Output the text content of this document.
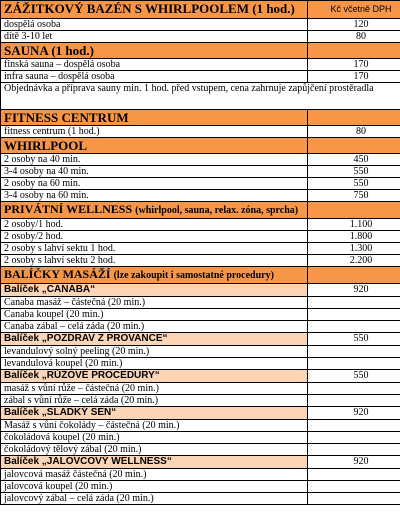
ZÁŽITKOVÝ BAZÉN S WHIRLPOOLEM (1 hod.)	Kč včetně DPH
dospělá osoba	120
dítě 3-10 let	80
SAUNA (1 hod.)	
finská sauna – dospělá osoba	170
infra sauna – dospělá osoba	170
Objednávka a příprava sauny min. 1 hod. před vstupem, cena zahrnuje zapůjčení prostěradla	
FITNESS CENTRUM	
fitness centrum (1 hod.)	80
WHIRLPOOL	
2 osoby na 40 min.	450
3-4 osoby na 40 min.	550
2 osoby na 60 min.	550
3-4 osoby na 60 min.	750
PRIVÁTNÍ WELLNESS (whirlpool, sauna, relax. zóna, sprcha)	
2 osoby/1 hod.	1.100
2 osoby/2 hod.	1.800
2 osoby s lahví sektu 1 hod.	1.300
2 osoby s lahví sektu 2 hod.	2.200
BALÍČKY MASÁŽÍ (lze zakoupit i samostatné procedury)	
Balíček „CANABA“	920
Canaba masáž – částečná (20 min.)	
Canaba koupel (20 min.)	
Canaba zábal – celá záda (20 min.)	
Balíček „POZDRAV Z PROVANCE“	550
levandulový solný peeling (20 min.)	
levandulová koupel (20 min.)	
Balíček „RŮŽOVÉ PROCEDURY“	550
masáž s vůní růže – částečná (20 min.)	
zábal s vůní růže – celá záda (20 min.)	
Balíček „SLADKÝ SEN“	920
Masáž s vůní čokolády – částečná (20 min.)	
čokoládová koupel (20 min.)	
čokoládový tělový zábal (20 min.)	
Balíček „JALOVCOVÝ WELLNESS“	920
jalovcová masáž částečná (20 min.)	
jalovcová koupel (20 min.)	
jalovcový zábal – celá záda (20 min.)	
